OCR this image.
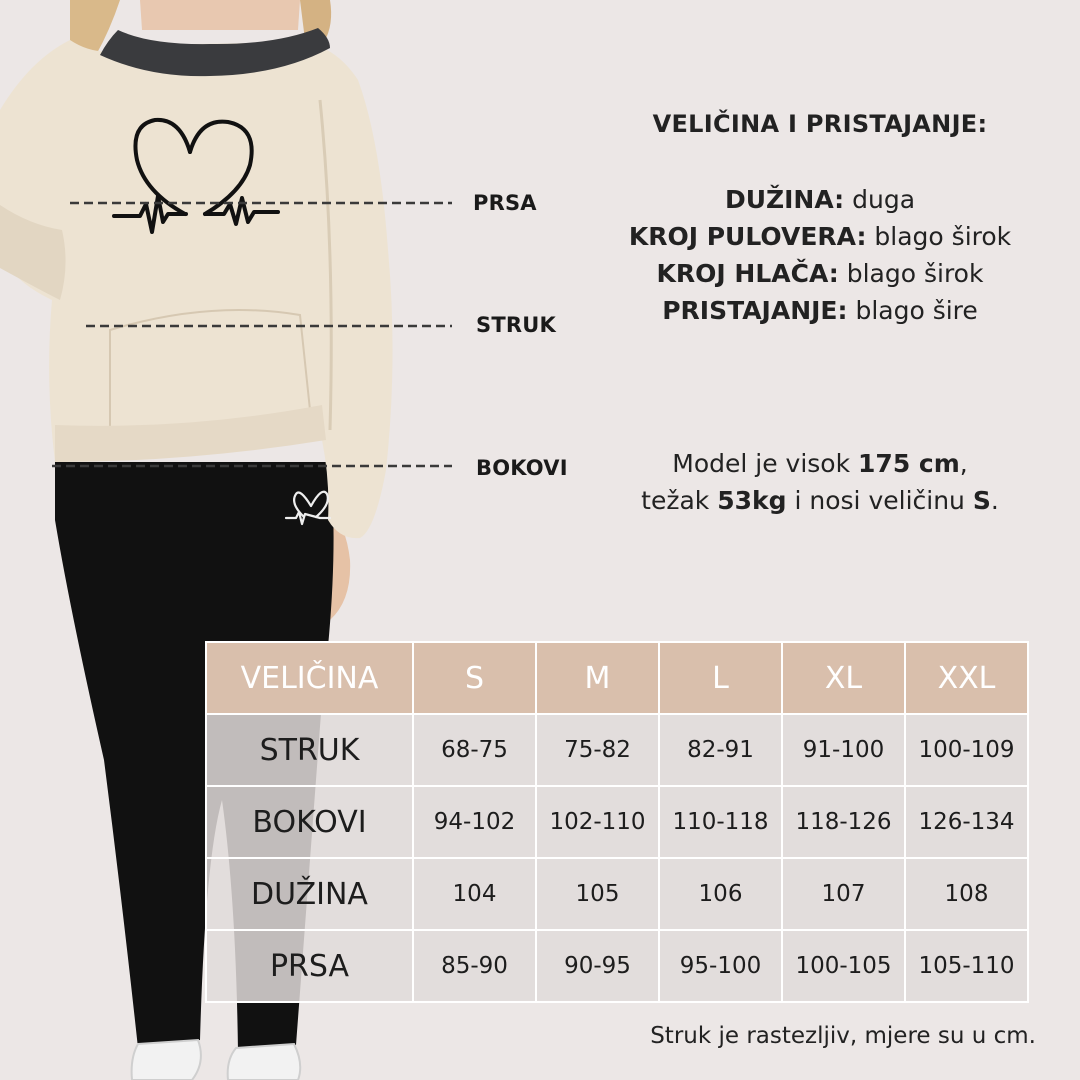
PRSA
STRUK
BOKOVI
VELIČINA I PRISTAJANJE:
DUŽINA: duga
KROJ PULOVERA: blago širok
KROJ HLAČA: blago širok
PRISTAJANJE: blago šire
Model je visok 175 cm,
težak 53kg i nosi veličinu S.
VELIČINA	S	M	L	XL	XXL
STRUK	68-75	75-82	82-91	91-100	100-109
BOKOVI	94-102	102-110	110-118	118-126	126-134
DUŽINA	104	105	106	107	108
PRSA	85-90	90-95	95-100	100-105	105-110
Struk je rastezljiv, mjere su u cm.
